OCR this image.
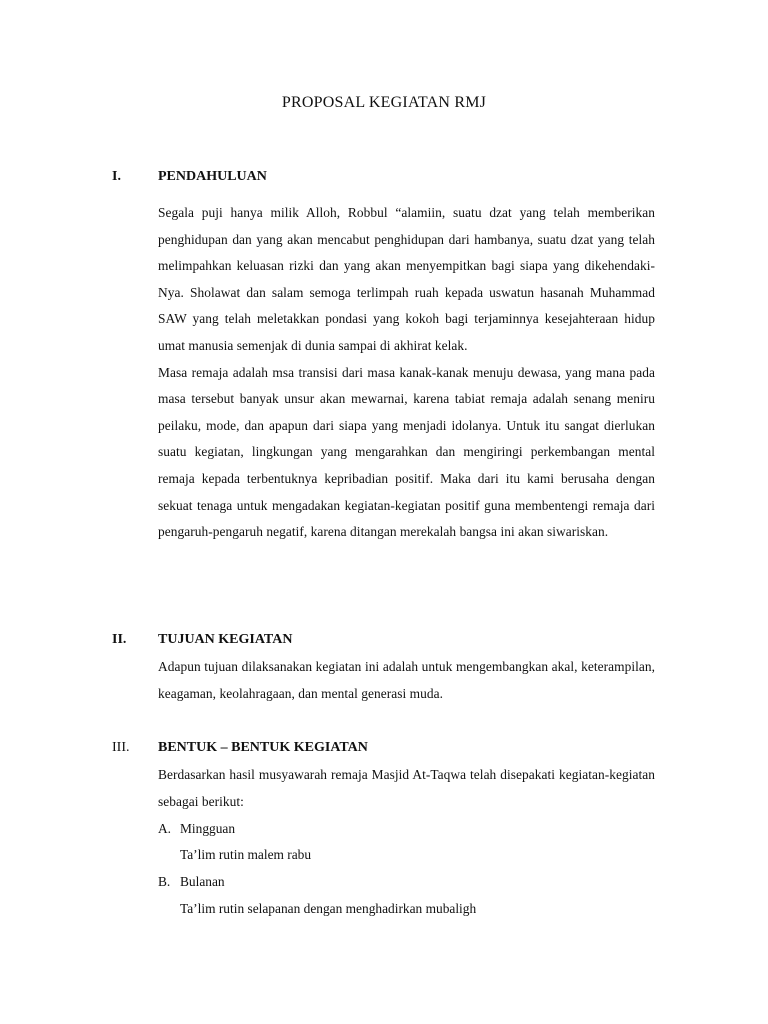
PROPOSAL KEGIATAN RMJ
I.	PENDAHULUAN

Segala puji hanya milik Alloh, Robbul “alamiin, suatu dzat yang telah memberikan penghidupan dan yang akan mencabut penghidupan dari hambanya, suatu dzat yang telah melimpahkan keluasan rizki dan yang akan menyempitkan bagi siapa yang dikehendaki-Nya. Sholawat dan salam semoga terlimpah ruah kepada uswatun hasanah Muhammad SAW yang telah meletakkan pondasi yang kokoh bagi terjaminnya kesejahteraan hidup umat manusia semenjak di dunia sampai di akhirat kelak.

Masa remaja adalah msa transisi dari masa kanak-kanak menuju dewasa, yang mana pada masa tersebut banyak unsur akan mewarnai, karena tabiat remaja adalah senang meniru peilaku, mode, dan apapun dari siapa yang menjadi idolanya. Untuk itu sangat dierlukan suatu kegiatan, lingkungan yang mengarahkan dan mengiringi perkembangan mental remaja kepada terbentuknya kepribadian positif. Maka dari itu kami berusaha dengan sekuat tenaga untuk mengadakan kegiatan-kegiatan positif guna membentengi remaja dari pengaruh-pengaruh negatif, karena ditangan merekalah bangsa ini akan siwariskan.

II. TUJUAN KEGIATAN

Adapun tujuan dilaksanakan kegiatan ini adalah untuk mengembangkan akal, keterampilan, keagaman, keolahragaan, dan mental generasi muda.

III. BENTUK – BENTUK KEGIATAN

Berdasarkan hasil musyawarah remaja Masjid At-Taqwa telah disepakati kegiatan-kegiatan sebagai berikut:

A. Mingguan
Ta’lim rutin malem rabu
B. Bulanan
Ta’lim rutin selapanan dengan menghadirkan mubaligh
